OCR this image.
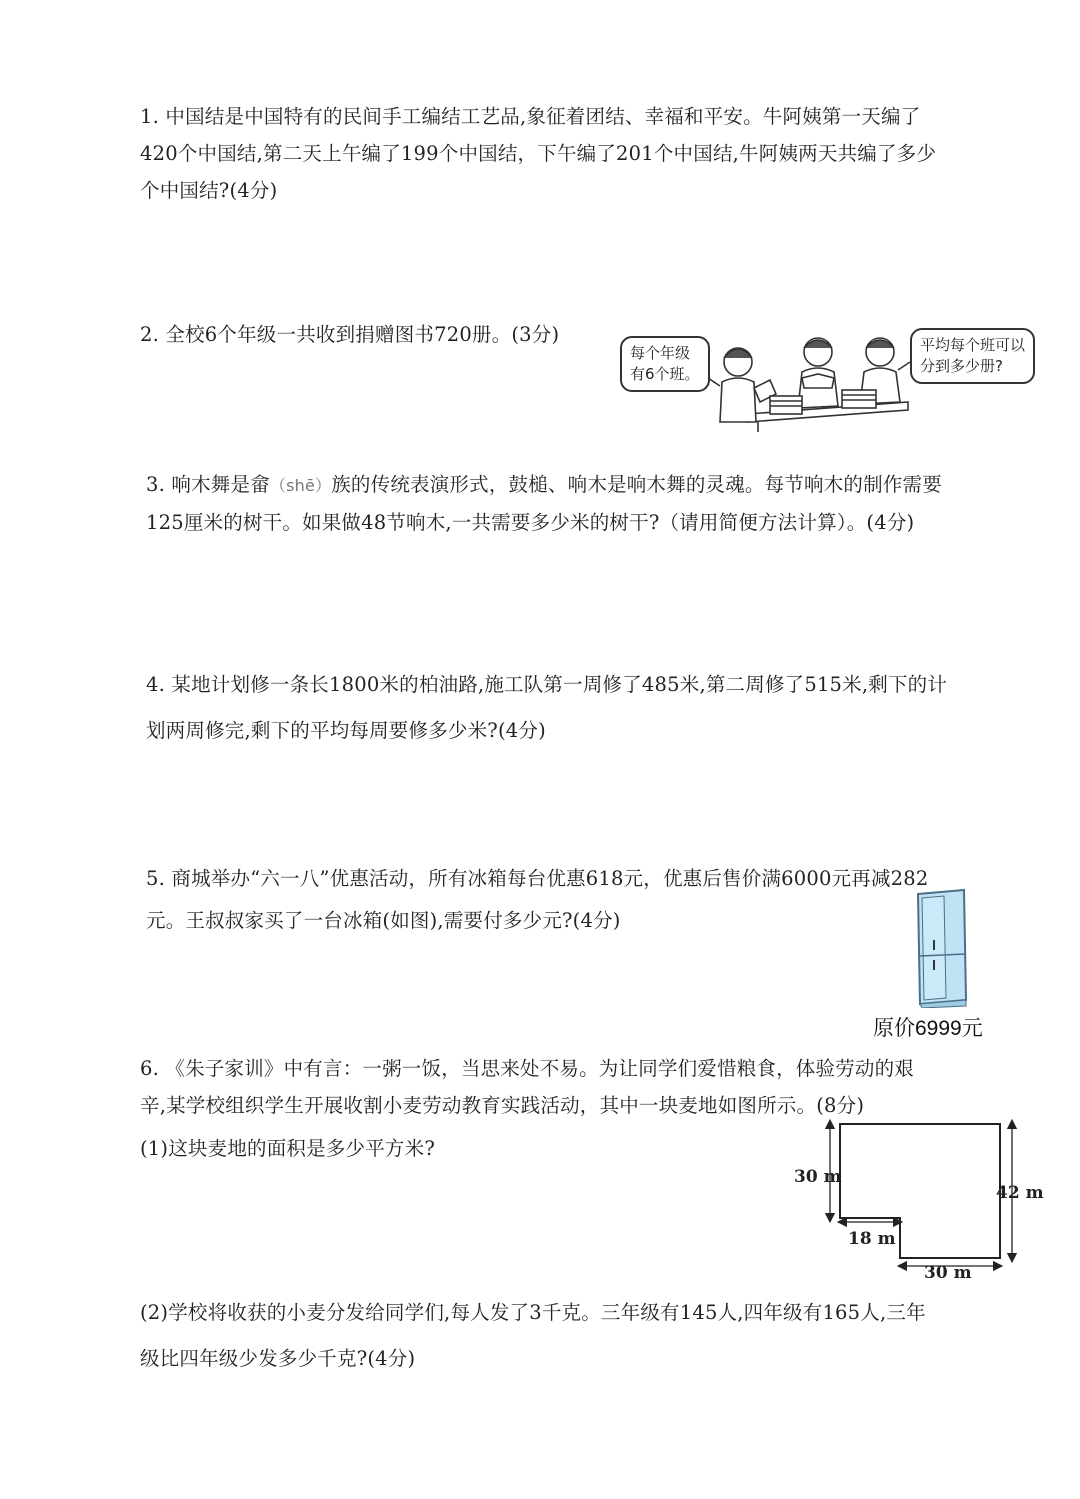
1. 中国结是中国特有的民间手工编结工艺品,象征着团结、幸福和平安。牛阿姨第一天编了
420个中国结,第二天上午编了199个中国结，下午编了201个中国结,牛阿姨两天共编了多少
个中国结?(4分)
2. 全校6个年级一共收到捐赠图书720册。(3分)
每个年级
有6个班。
平均每个班可以
分到多少册?
3. 响木舞是畲（shē）族的传统表演形式，鼓槌、响木是响木舞的灵魂。每节响木的制作需要
125厘米的树干。如果做48节响木,一共需要多少米的树干?（请用简便方法计算）。(4分)
4. 某地计划修一条长1800米的柏油路,施工队第一周修了485米,第二周修了515米,剩下的计
划两周修完,剩下的平均每周要修多少米?(4分)
5. 商城举办“六一八”优惠活动，所有冰箱每台优惠618元，优惠后售价满6000元再减282
元。王叔叔家买了一台冰箱(如图),需要付多少元?(4分)
原价6999元
6. 《朱子家训》中有言：一粥一饭，当思来处不易。为让同学们爱惜粮食，体验劳动的艰
辛,某学校组织学生开展收割小麦劳动教育实践活动，其中一块麦地如图所示。(8分)
(1)这块麦地的面积是多少平方米?
30 m
42 m
18 m
30 m
(2)学校将收获的小麦分发给同学们,每人发了3千克。三年级有145人,四年级有165人,三年
级比四年级少发多少千克?(4分)
